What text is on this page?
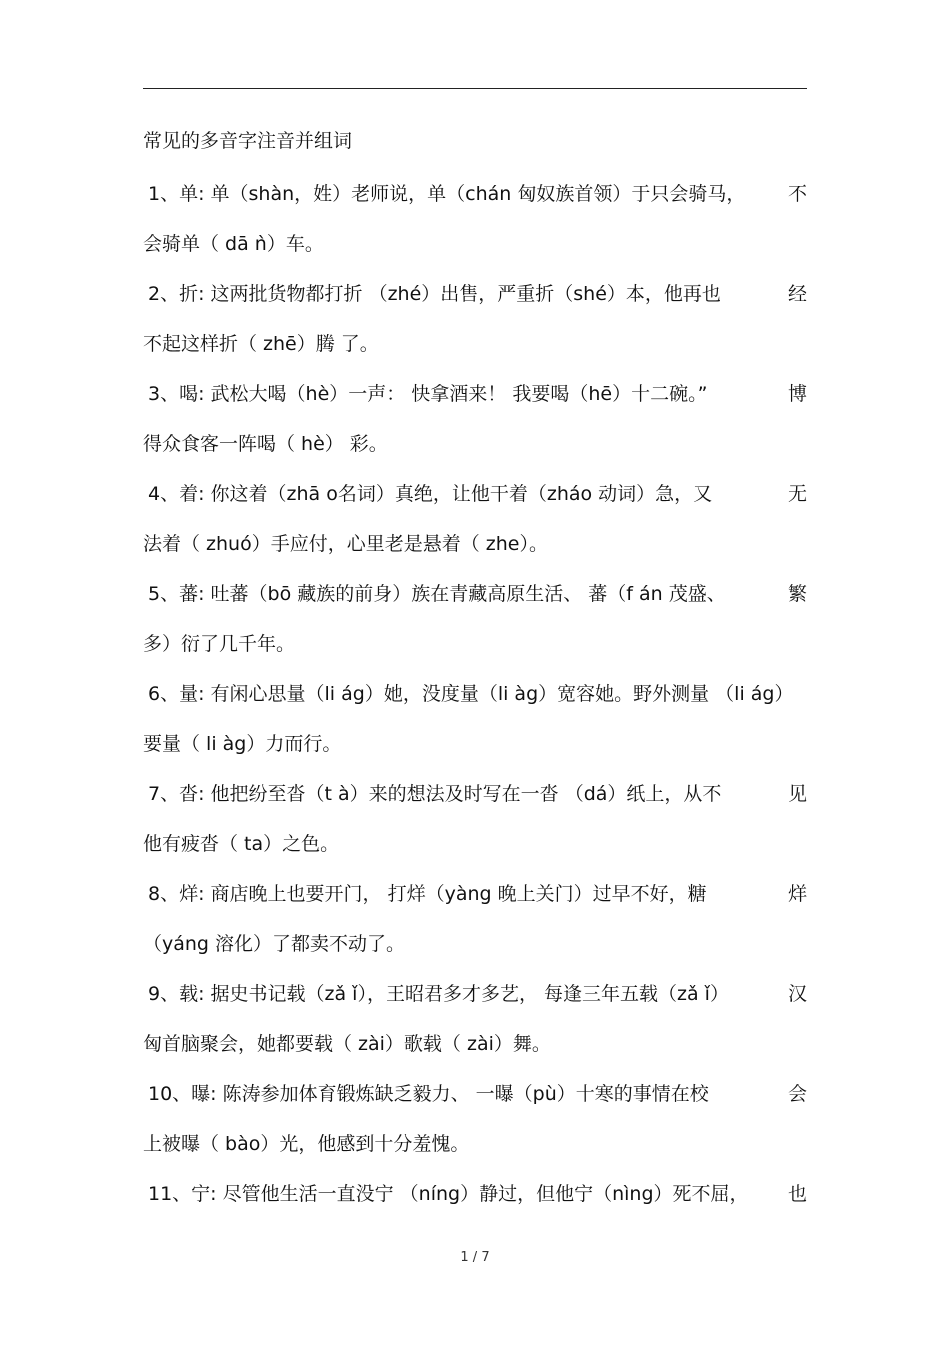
常见的多音字注音并组词
1、单: 单（shàn，姓）老师说，单（chán 匈奴族首领）于只会骑马， 不
会骑单（ dā ǹ）车。
2、折: 这两批货物都打折 （zhé）出售，严重折（shé）本，他再也	经
不起这样折（ zhē）腾 了。
3、喝: 武松大喝（hè）一声： 快拿酒来！ 我要喝（hē）十二碗。”	博
得众食客一阵喝（ hè） 彩。
4、着: 你这着（zhā o名词）真绝，让他干着（zháo 动词）急，又	无
法着（ zhuó）手应付，心里老是悬着（ zhe）。
5、蕃: 吐蕃（bō 藏族的前身）族在青藏高原生活、 蕃（f án 茂盛、	繁
多）衍了几千年。
6、量: 有闲心思量（li ág）她，没度量（li àg）宽容她。野外测量 （li ág）
要量（ li àg）力而行。
7、沓: 他把纷至沓（t à）来的想法及时写在一沓 （dá）纸上，从不	见
他有疲沓（ ta）之色。
8、烊: 商店晚上也要开门， 打烊（yàng 晚上关门）过早不好，糖	烊
（yáng 溶化）了都卖不动了。
9、载: 据史书记载（zǎ ǐ），王昭君多才多艺， 每逢三年五载（zǎ ǐ）	汉
匈首脑聚会，她都要载（ zài）歌载（ zài）舞。
10、曝: 陈涛参加体育锻炼缺乏毅力、 一曝（pù）十寒的事情在校	会
上被曝（ bào）光，他感到十分羞愧。
11、宁: 尽管他生活一直没宁 （níng）静过，但他宁（nìng）死不屈， 也
1 / 7
